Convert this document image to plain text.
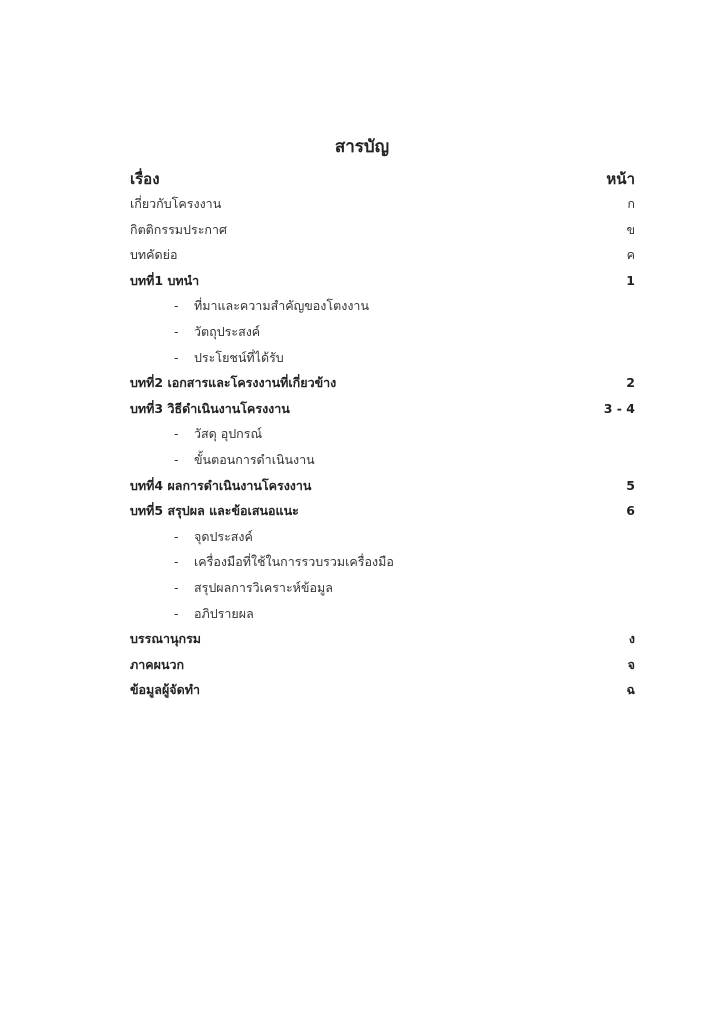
สารบัญ
เรื่อง	หน้า
เกี่ยวกับโครงงาน	ก
กิตติกรรมประกาศ	ข
บทคัดย่อ	ค
บทที่1 บทนำ	1
-	ที่มาและความสำคัญของโตงงาน
-	วัตถุประสงค์
-	ประโยชน์ที่ได้รับ
บทที่2 เอกสารและโครงงานที่เกี่ยวข้าง	2
บทที่3 วิธีดำเนินงานโครงงาน	3 - 4
-	วัสดุ อุปกรณ์
-	ขั้นตอนการดำเนินงาน
บทที่4 ผลการดำเนินงานโครงงาน	5
บทที่5 สรุปผล และข้อเสนอแนะ	6
-	จุดประสงค์
-	เครื่องมือที่ใช้ในการรวบรวมเครื่องมือ
-	สรุปผลการวิเคราะห์ข้อมูล
-	อภิปรายผล
บรรณานุกรม	ง
ภาคผนวก	จ
ข้อมูลผู้จัดทำ	ฉ
